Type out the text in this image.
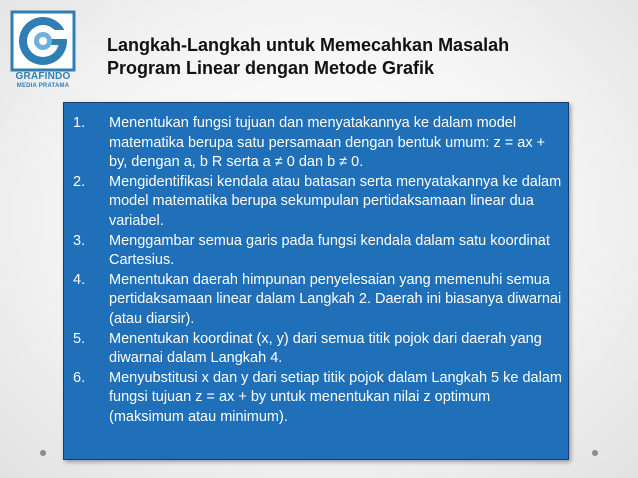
GRAFINDO
MEDIA PRATAMA
Langkah-Langkah untuk Memecahkan Masalah
Program Linear dengan Metode Grafik
1.	Menentukan fungsi tujuan dan menyatakannya ke dalam model matematika berupa satu persamaan dengan bentuk umum: z = ax + by, dengan a, b R serta a ≠ 0 dan b ≠ 0.
2.	Mengidentifikasi kendala atau batasan serta menyatakannya ke dalam model matematika berupa sekumpulan pertidaksamaan linear dua variabel.
3.	Menggambar semua garis pada fungsi kendala dalam satu koordinat Cartesius.
4.	Menentukan daerah himpunan penyelesaian yang memenuhi semua pertidaksamaan linear dalam Langkah 2. Daerah ini biasanya diwarnai (atau diarsir).
5.	Menentukan koordinat (x, y) dari semua titik pojok dari daerah yang diwarnai dalam Langkah 4.
6.	Menyubstitusi x dan y dari setiap titik pojok dalam Langkah 5 ke dalam fungsi tujuan z = ax + by untuk menentukan nilai z optimum (maksimum atau minimum).
